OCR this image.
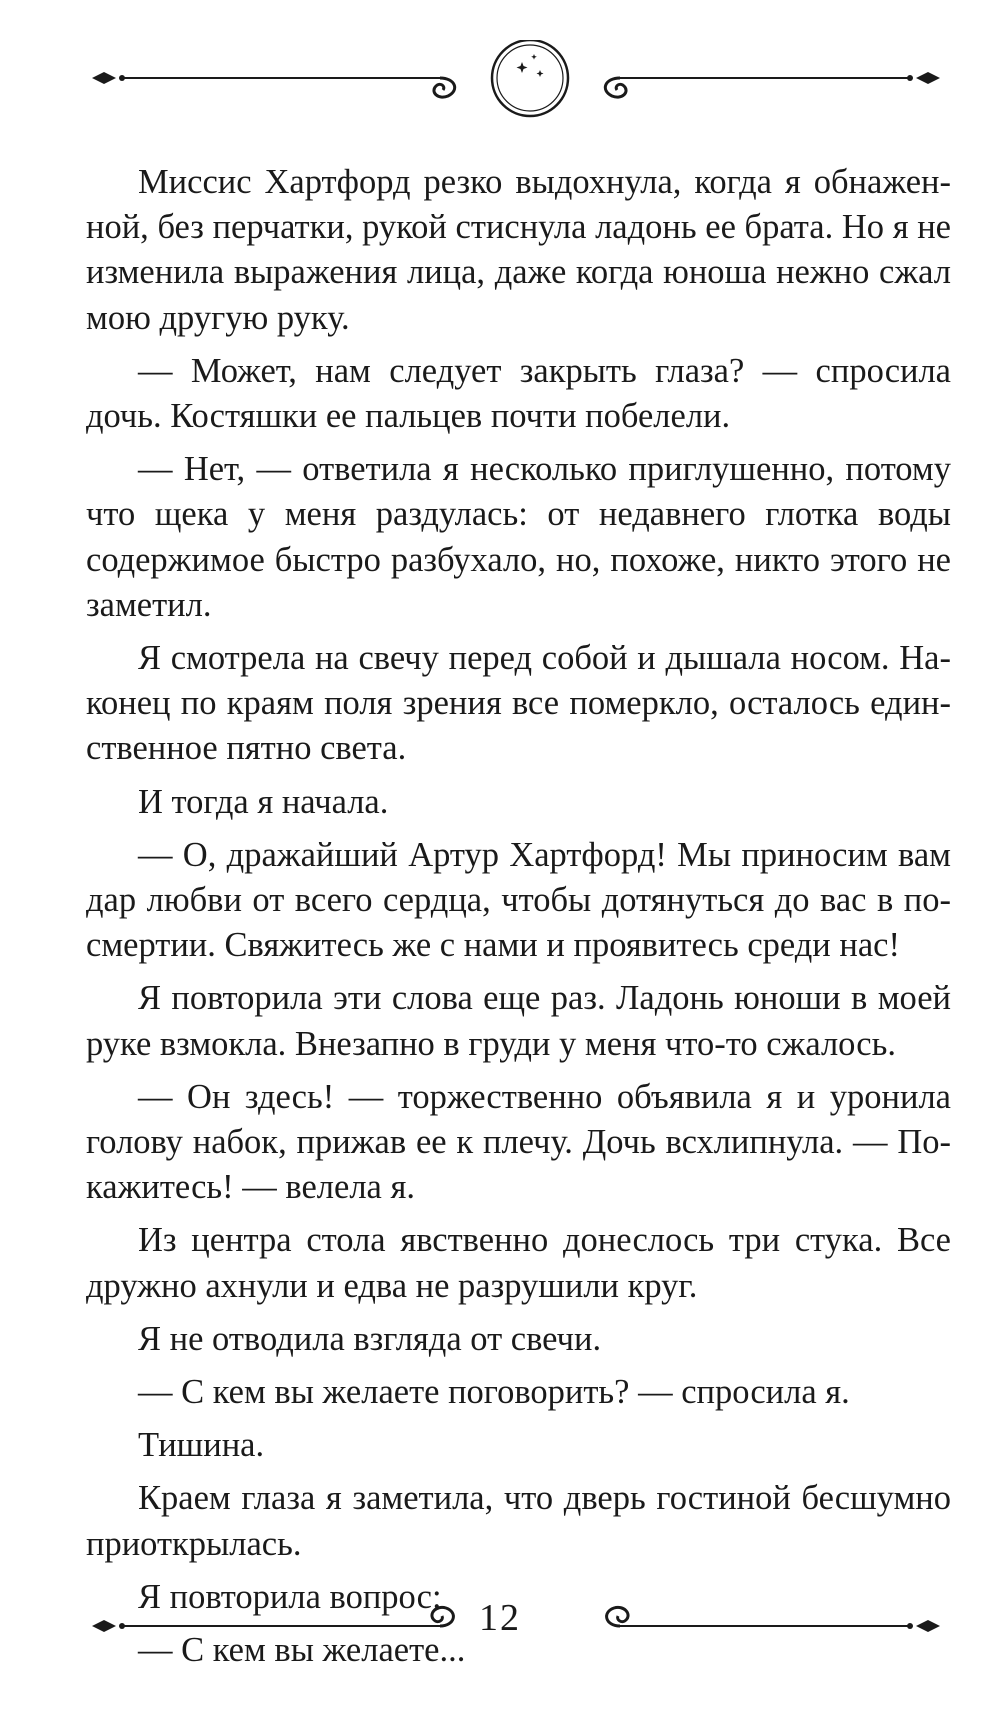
Миссис Хартфорд резко выдохнула, когда я обнаженной, без перчатки, рукой стиснула ладонь ее брата. Но я не изменила выражения лица, даже когда юноша нежно сжал мою другую руку.

— Может, нам следует закрыть глаза? — спросила дочь. Костяшки ее пальцев почти побелели.

— Нет, — ответила я несколько приглушенно, потому что щека у меня раздулась: от недавнего глотка воды содержимое быстро разбухало, но, похоже, никто этого не заметил.

Я смотрела на свечу перед собой и дышала носом. Наконец по краям поля зрения все померкло, осталось единственное пятно света.

И тогда я начала.

— О, дражайший Артур Хартфорд! Мы приносим вам дар любви от всего сердца, чтобы дотянуться до вас в посмертии. Свяжитесь же с нами и проявитесь среди нас!

Я повторила эти слова еще раз. Ладонь юноши в моей руке взмокла. Внезапно в груди у меня что-то сжалось.

— Он здесь! — торжественно объявила я и уронила голову набок, прижав ее к плечу. Дочь всхлипнула. — Покажитесь! — велела я.

Из центра стола явственно донеслось три стука. Все дружно ахнули и едва не разрушили круг.

Я не отводила взгляда от свечи.

— С кем вы желаете поговорить? — спросила я.

Тишина.

Краем глаза я заметила, что дверь гостиной бесшумно приоткрылась.

Я повторила вопрос:

— С кем вы желаете...

12
